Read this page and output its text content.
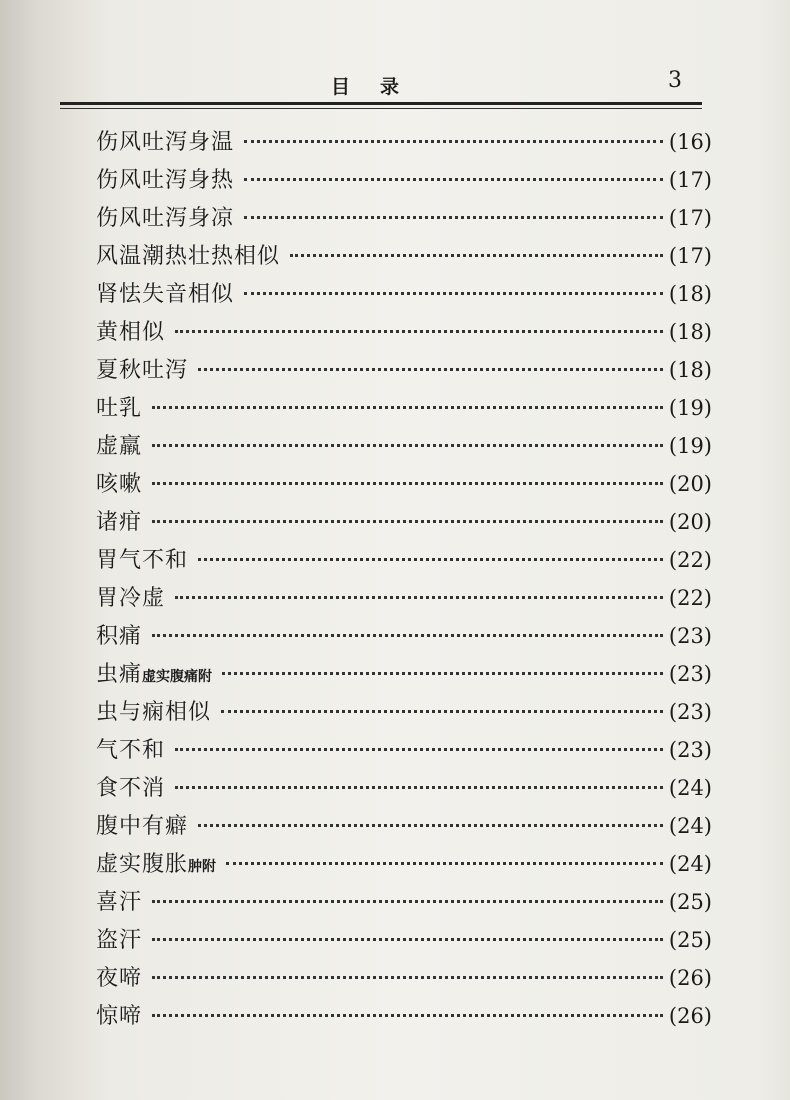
目录	3
伤风吐泻身温	(16)
伤风吐泻身热	(17)
伤风吐泻身凉	(17)
风温潮热壮热相似	(17)
肾怯失音相似	(18)
黄相似	(18)
夏秋吐泻	(18)
吐乳	(19)
虚羸	(19)
咳嗽	(20)
诸疳	(20)
胃气不和	(22)
胃冷虚	(22)
积痛	(23)
虫痛 虚实腹痛附	(23)
虫与痫相似	(23)
气不和	(23)
食不消	(24)
腹中有癖	(24)
虚实腹胀 肿附	(24)
喜汗	(25)
盗汗	(25)
夜啼	(26)
惊啼	(26)
